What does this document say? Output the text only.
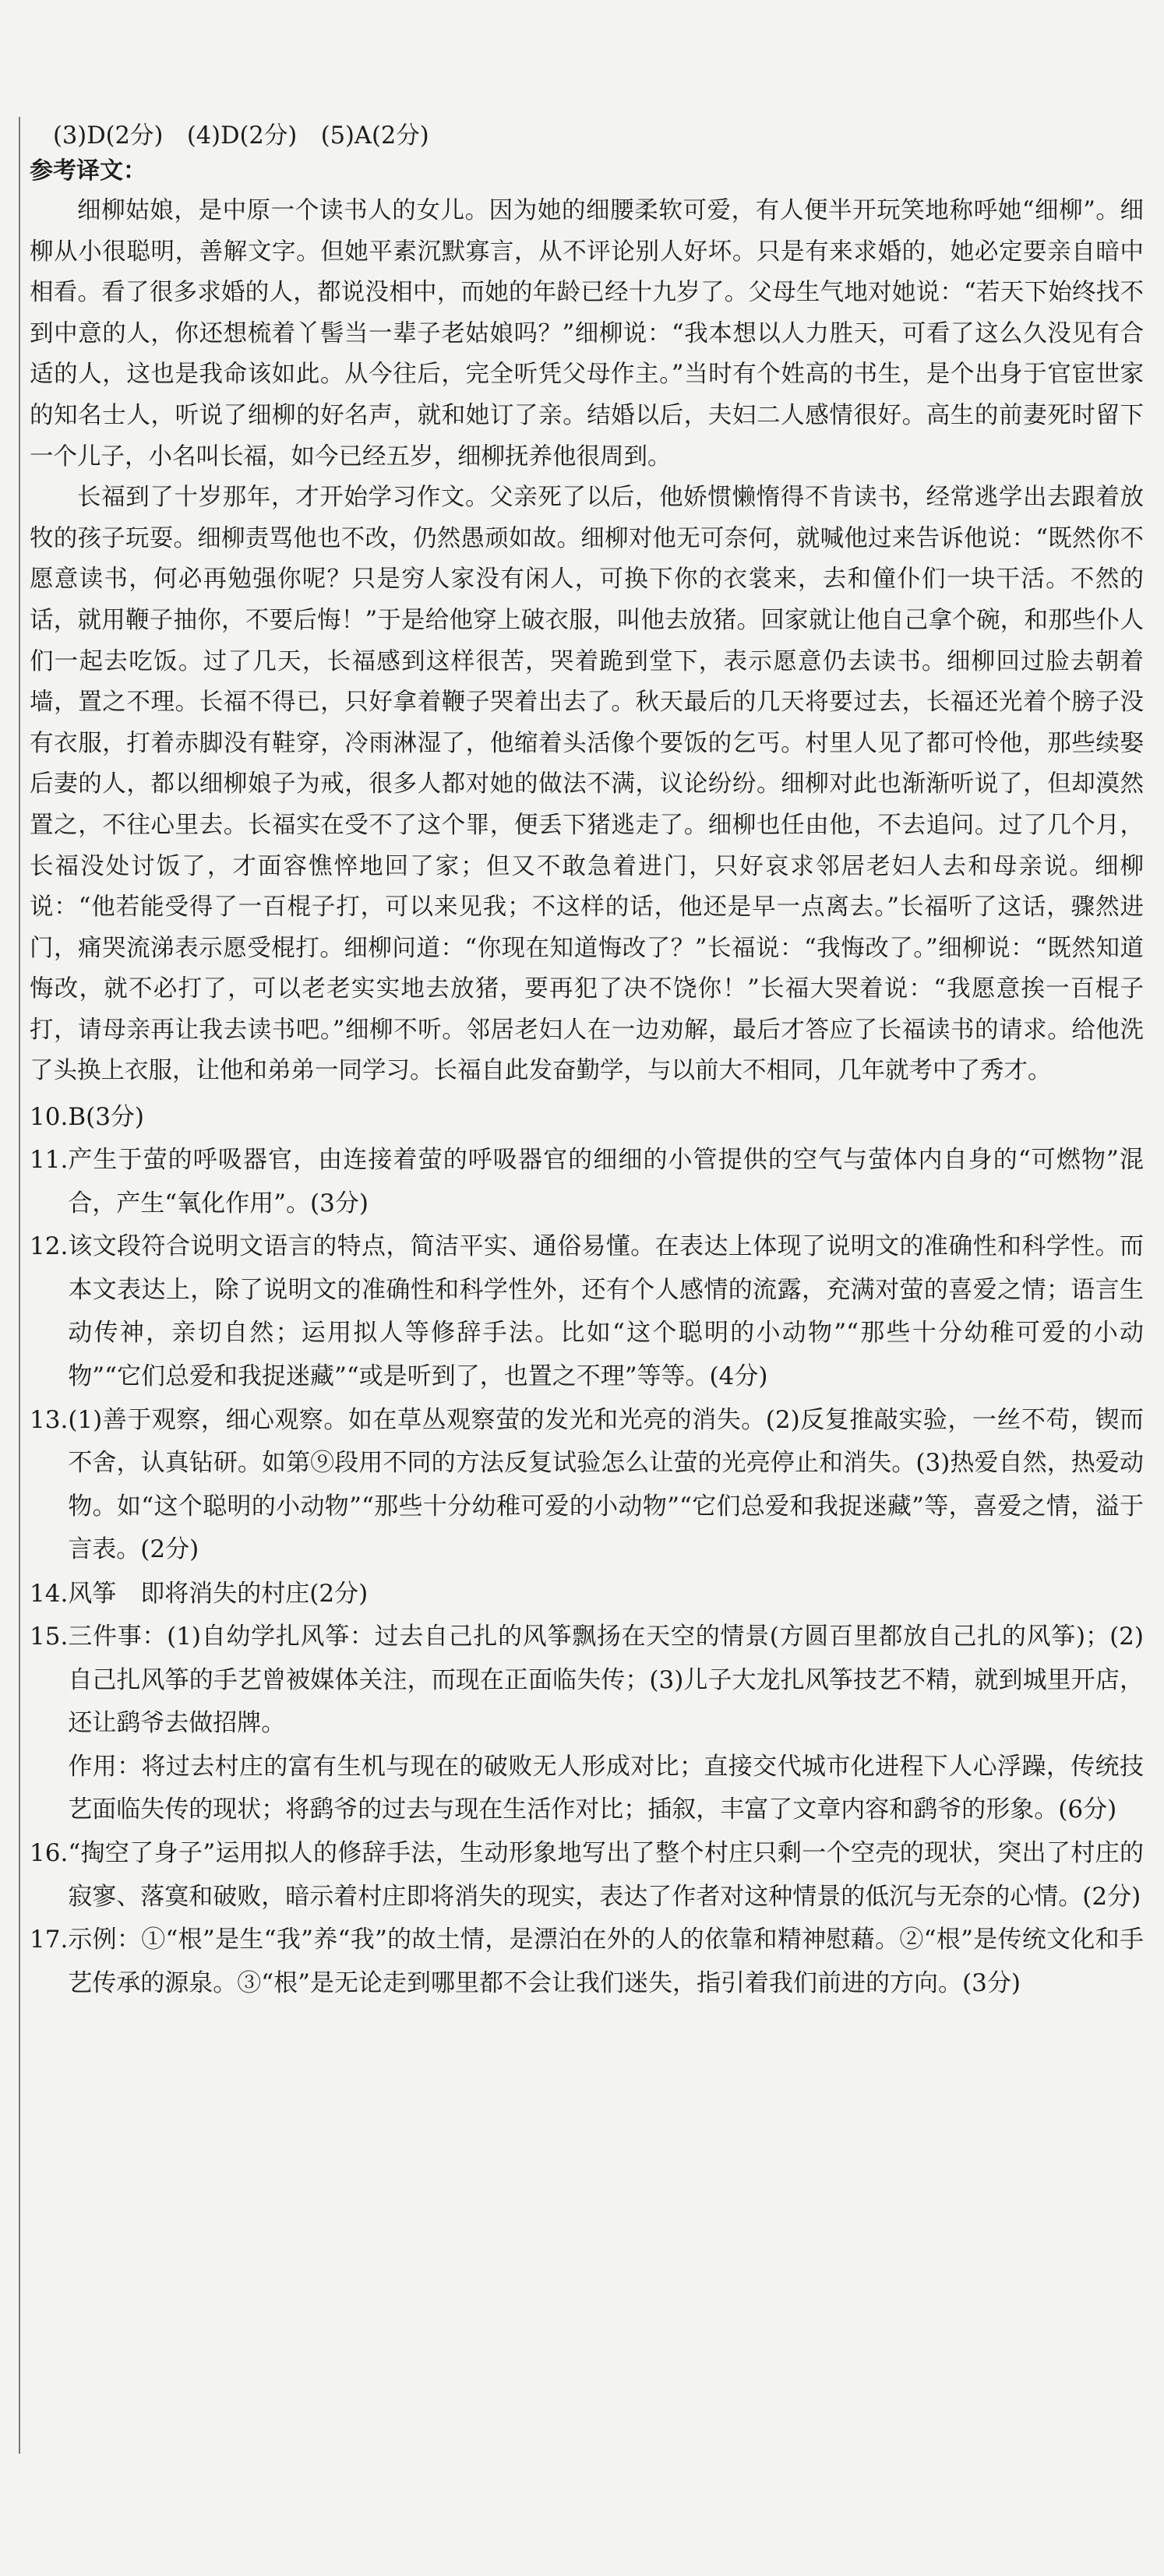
(3)D(2分)　(4)D(2分)　(5)A(2分)
参考译文：

细柳姑娘，是中原一个读书人的女儿。因为她的细腰柔软可爱，有人便半开玩笑地称呼她“细柳”。细柳从小很聪明，善解文字。但她平素沉默寡言，从不评论别人好坏。只是有来求婚的，她必定要亲自暗中相看。看了很多求婚的人，都说没相中，而她的年龄已经十九岁了。父母生气地对她说：“若天下始终找不到中意的人，你还想梳着丫髻当一辈子老姑娘吗？”细柳说：“我本想以人力胜天，可看了这么久没见有合适的人，这也是我命该如此。从今往后，完全听凭父母作主。”当时有个姓高的书生，是个出身于官宦世家的知名士人，听说了细柳的好名声，就和她订了亲。结婚以后，夫妇二人感情很好。高生的前妻死时留下一个儿子，小名叫长福，如今已经五岁，细柳抚养他很周到。

长福到了十岁那年，才开始学习作文。父亲死了以后，他娇惯懒惰得不肯读书，经常逃学出去跟着放牧的孩子玩耍。细柳责骂他也不改，仍然愚顽如故。细柳对他无可奈何，就喊他过来告诉他说：“既然你不愿意读书，何必再勉强你呢？只是穷人家没有闲人，可换下你的衣裳来，去和僮仆们一块干活。不然的话，就用鞭子抽你，不要后悔！”于是给他穿上破衣服，叫他去放猪。回家就让他自己拿个碗，和那些仆人们一起去吃饭。过了几天，长福感到这样很苦，哭着跪到堂下，表示愿意仍去读书。细柳回过脸去朝着墙，置之不理。长福不得已，只好拿着鞭子哭着出去了。秋天最后的几天将要过去，长福还光着个膀子没有衣服，打着赤脚没有鞋穿，冷雨淋湿了，他缩着头活像个要饭的乞丐。村里人见了都可怜他，那些续娶后妻的人，都以细柳娘子为戒，很多人都对她的做法不满，议论纷纷。细柳对此也渐渐听说了，但却漠然置之，不往心里去。长福实在受不了这个罪，便丢下猪逃走了。细柳也任由他，不去追问。过了几个月，长福没处讨饭了，才面容憔悴地回了家；但又不敢急着进门，只好哀求邻居老妇人去和母亲说。细柳说：“他若能受得了一百棍子打，可以来见我；不这样的话，他还是早一点离去。”长福听了这话，骤然进门，痛哭流涕表示愿受棍打。细柳问道：“你现在知道悔改了？”长福说：“我悔改了。”细柳说：“既然知道悔改，就不必打了，可以老老实实地去放猪，要再犯了决不饶你！”长福大哭着说：“我愿意挨一百棍子打，请母亲再让我去读书吧。”细柳不听。邻居老妇人在一边劝解，最后才答应了长福读书的请求。给他洗了头换上衣服，让他和弟弟一同学习。长福自此发奋勤学，与以前大不相同，几年就考中了秀才。

10.B(3分)

11. 产生于萤的呼吸器官，由连接着萤的呼吸器官的细细的小管提供的空气与萤体内自身的“可燃物”混合，产生“氧化作用”。(3分)

12. 该文段符合说明文语言的特点，简洁平实、通俗易懂。在表达上体现了说明文的准确性和科学性。而本文表达上，除了说明文的准确性和科学性外，还有个人感情的流露，充满对萤的喜爱之情；语言生动传神，亲切自然；运用拟人等修辞手法。比如“这个聪明的小动物”“那些十分幼稚可爱的小动物”“它们总爱和我捉迷藏”“或是听到了，也置之不理”等等。(4分)

13. (1)善于观察，细心观察。如在草丛观察萤的发光和光亮的消失。(2)反复推敲实验，一丝不苟，锲而不舍，认真钻研。如第⑨段用不同的方法反复试验怎么让萤的光亮停止和消失。(3)热爱自然，热爱动物。如“这个聪明的小动物”“那些十分幼稚可爱的小动物”“它们总爱和我捉迷藏”等，喜爱之情，溢于言表。(2分)

14.风筝　即将消失的村庄(2分)

15. 三件事：(1)自幼学扎风筝：过去自己扎的风筝飘扬在天空的情景(方圆百里都放自己扎的风筝)；(2)自己扎风筝的手艺曾被媒体关注，而现在正面临失传；(3)儿子大龙扎风筝技艺不精，就到城里开店，还让鹞爷去做招牌。

作用：将过去村庄的富有生机与现在的破败无人形成对比；直接交代城市化进程下人心浮躁，传统技艺面临失传的现状；将鹞爷的过去与现在生活作对比；插叙，丰富了文章内容和鹞爷的形象。(6分)

16. “掏空了身子”运用拟人的修辞手法，生动形象地写出了整个村庄只剩一个空壳的现状，突出了村庄的寂寥、落寞和破败，暗示着村庄即将消失的现实，表达了作者对这种情景的低沉与无奈的心情。(2分)

17. 示例：①“根”是生“我”养“我”的故土情，是漂泊在外的人的依靠和精神慰藉。②“根”是传统文化和手艺传承的源泉。③“根”是无论走到哪里都不会让我们迷失，指引着我们前进的方向。(3分)
